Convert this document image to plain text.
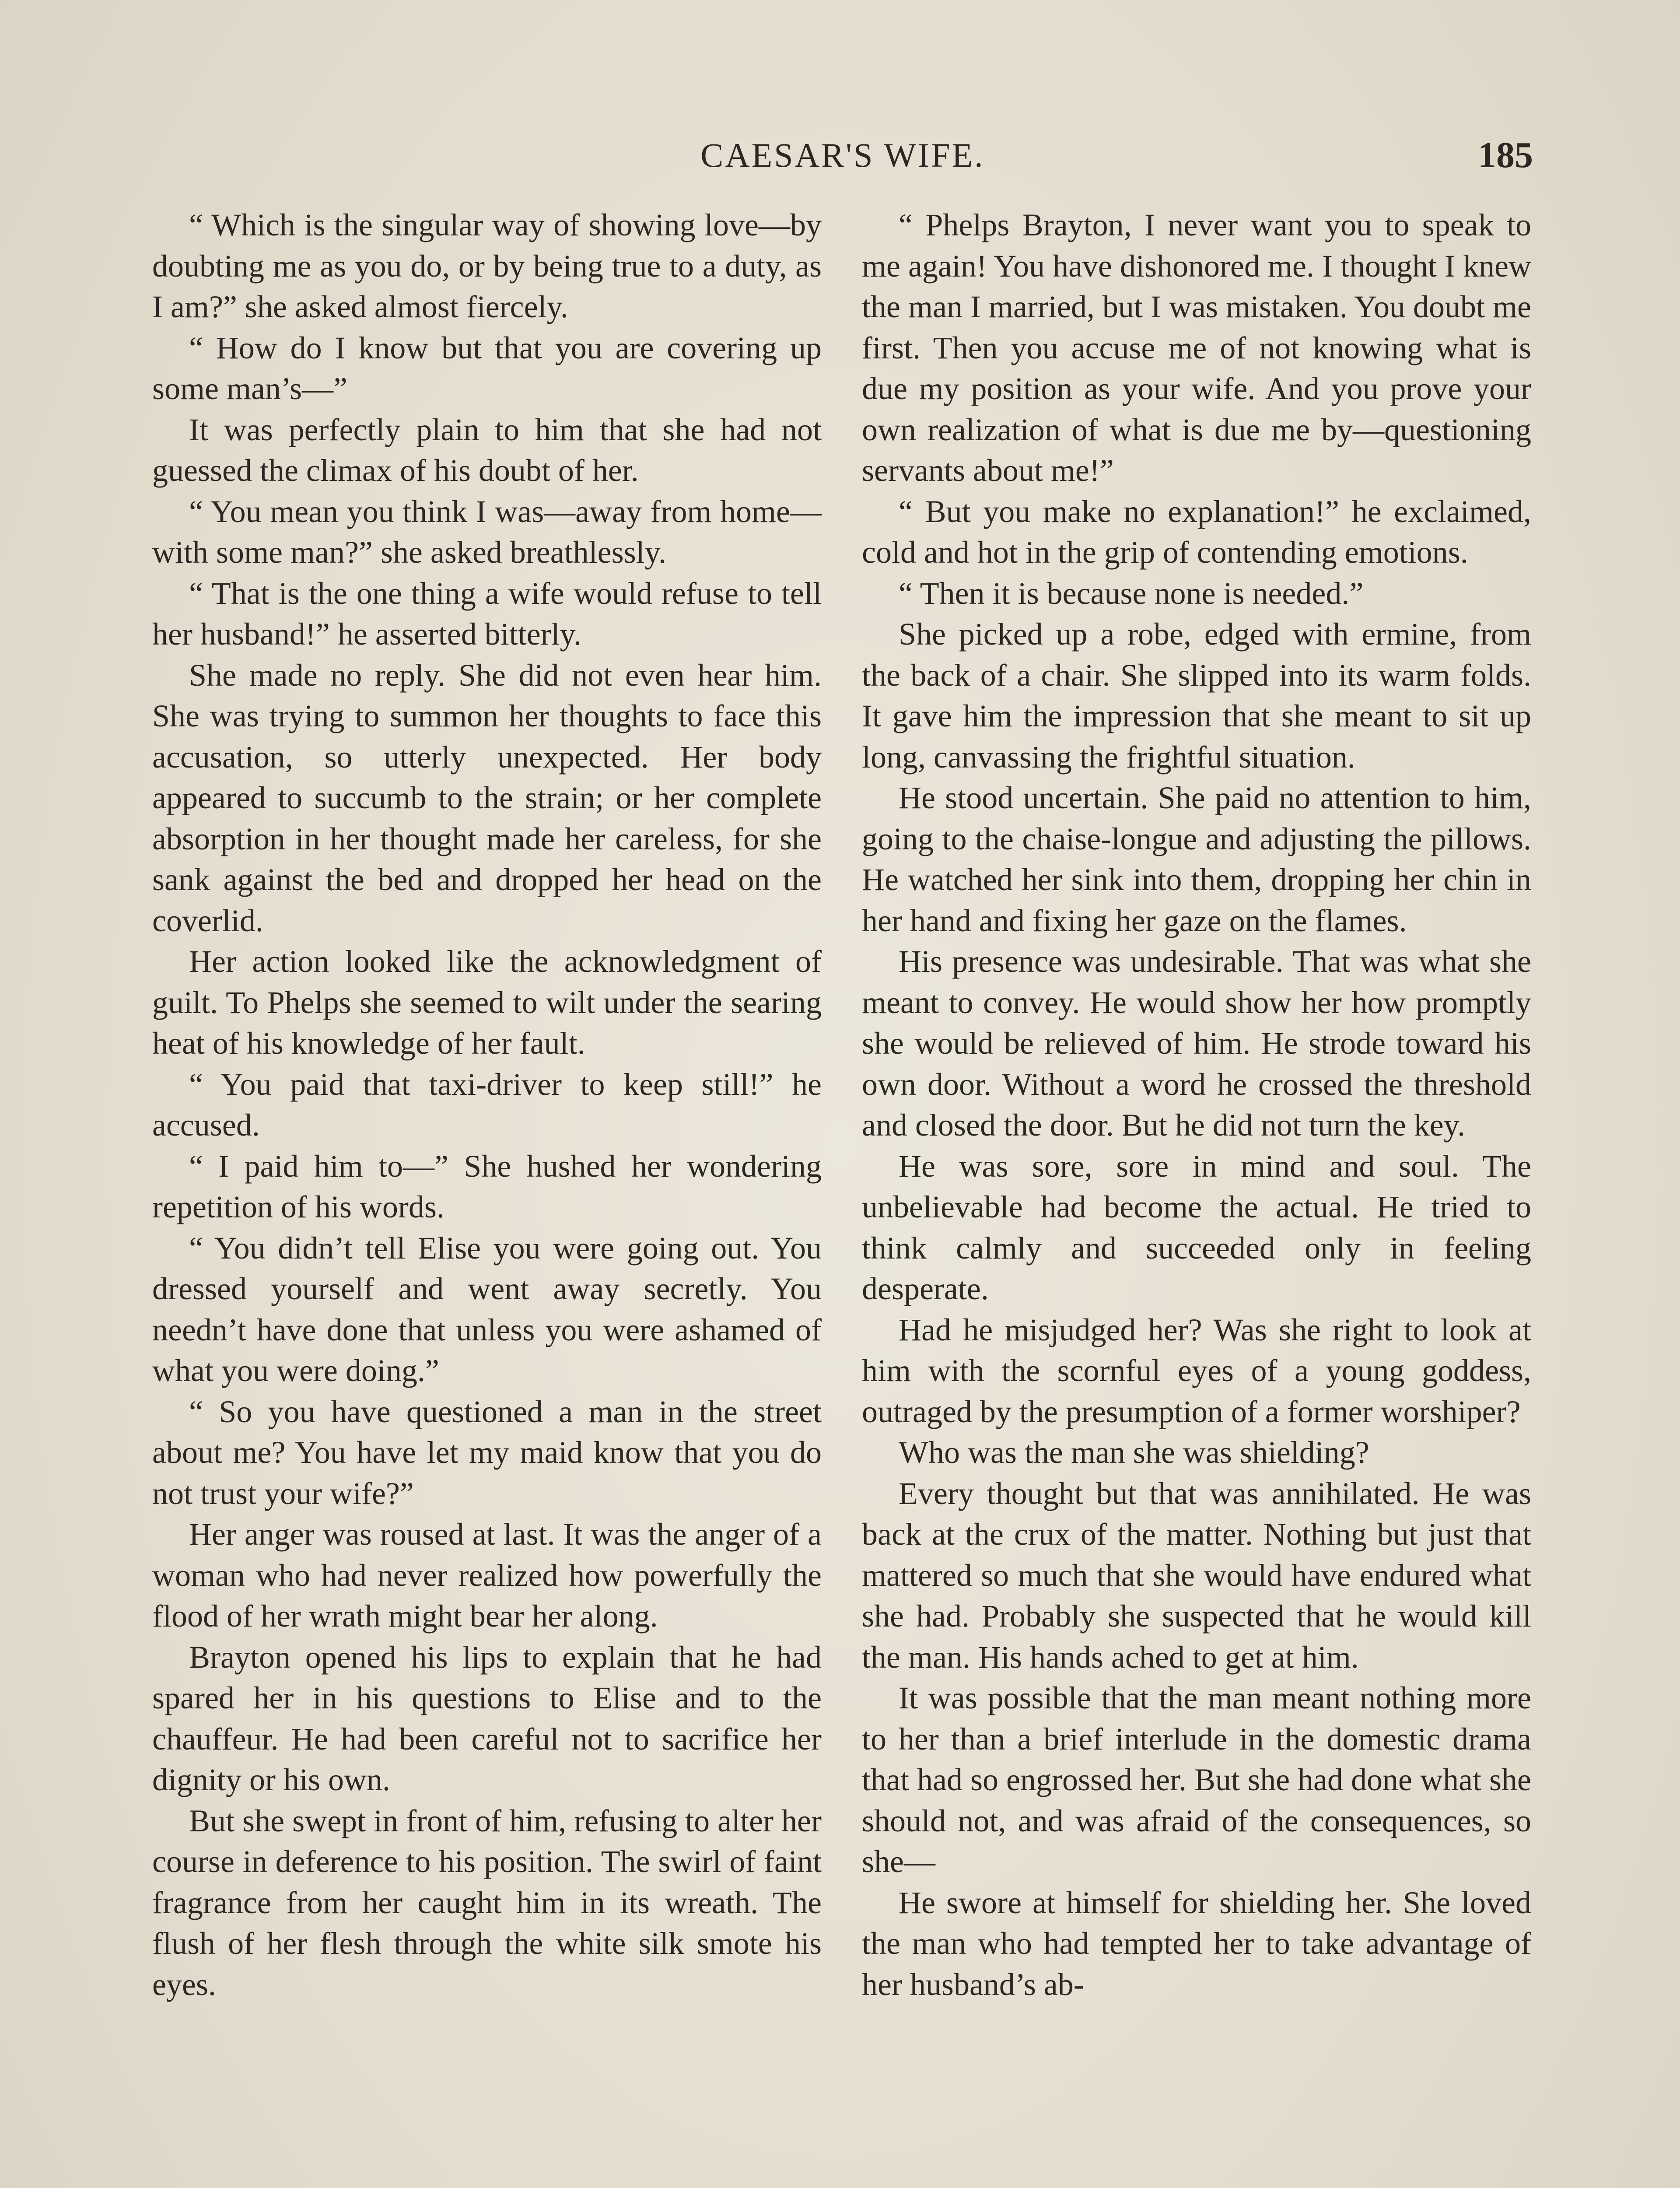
CAESAR'S WIFE.	185

“ Which is the singular way of showing love—by doubting me as you do, or by being true to a duty, as I am?” she asked almost fiercely.

“ How do I know but that you are covering up some man’s—”

It was perfectly plain to him that she had not guessed the climax of his doubt of her.

“ You mean you think I was—away from home—with some man?” she asked breathlessly.

“ That is the one thing a wife would refuse to tell her husband!” he asserted bitterly.

She made no reply. She did not even hear him. She was trying to summon her thoughts to face this accusation, so utterly unexpected. Her body appeared to succumb to the strain; or her complete absorption in her thought made her careless, for she sank against the bed and dropped her head on the coverlid.

Her action looked like the acknowledgment of guilt. To Phelps she seemed to wilt under the searing heat of his knowledge of her fault.

“ You paid that taxi-driver to keep still!” he accused.

“ I paid him to—” She hushed her wondering repetition of his words.

“ You didn’t tell Elise you were going out. You dressed yourself and went away secretly. You needn’t have done that unless you were ashamed of what you were doing.”

“ So you have questioned a man in the street about me? You have let my maid know that you do not trust your wife?”

Her anger was roused at last. It was the anger of a woman who had never realized how powerfully the flood of her wrath might bear her along.

Brayton opened his lips to explain that he had spared her in his questions to Elise and to the chauffeur. He had been careful not to sacrifice her dignity or his own.

But she swept in front of him, refusing to alter her course in deference to his position. The swirl of faint fragrance from her caught him in its wreath. The flush of her flesh through the white silk smote his eyes.

“ Phelps Brayton, I never want you to speak to me again! You have dishonored me. I thought I knew the man I married, but I was mistaken. You doubt me first. Then you accuse me of not knowing what is due my position as your wife. And you prove your own realization of what is due me by—questioning servants about me!”

“ But you make no explanation!” he exclaimed, cold and hot in the grip of contending emotions.

“ Then it is because none is needed.”

She picked up a robe, edged with ermine, from the back of a chair. She slipped into its warm folds. It gave him the impression that she meant to sit up long, canvassing the frightful situation.

He stood uncertain. She paid no attention to him, going to the chaise-longue and adjusting the pillows. He watched her sink into them, dropping her chin in her hand and fixing her gaze on the flames.

His presence was undesirable. That was what she meant to convey. He would show her how promptly she would be relieved of him. He strode toward his own door. Without a word he crossed the threshold and closed the door. But he did not turn the key.

He was sore, sore in mind and soul. The unbelievable had become the actual. He tried to think calmly and succeeded only in feeling desperate.

Had he misjudged her? Was she right to look at him with the scornful eyes of a young goddess, outraged by the presumption of a former worshiper?

Who was the man she was shielding?

Every thought but that was annihilated. He was back at the crux of the matter. Nothing but just that mattered so much that she would have endured what she had. Probably she suspected that he would kill the man. His hands ached to get at him.

It was possible that the man meant nothing more to her than a brief interlude in the domestic drama that had so engrossed her. But she had done what she should not, and was afraid of the consequences, so she—

He swore at himself for shielding her. She loved the man who had tempted her to take advantage of her husband’s ab-
